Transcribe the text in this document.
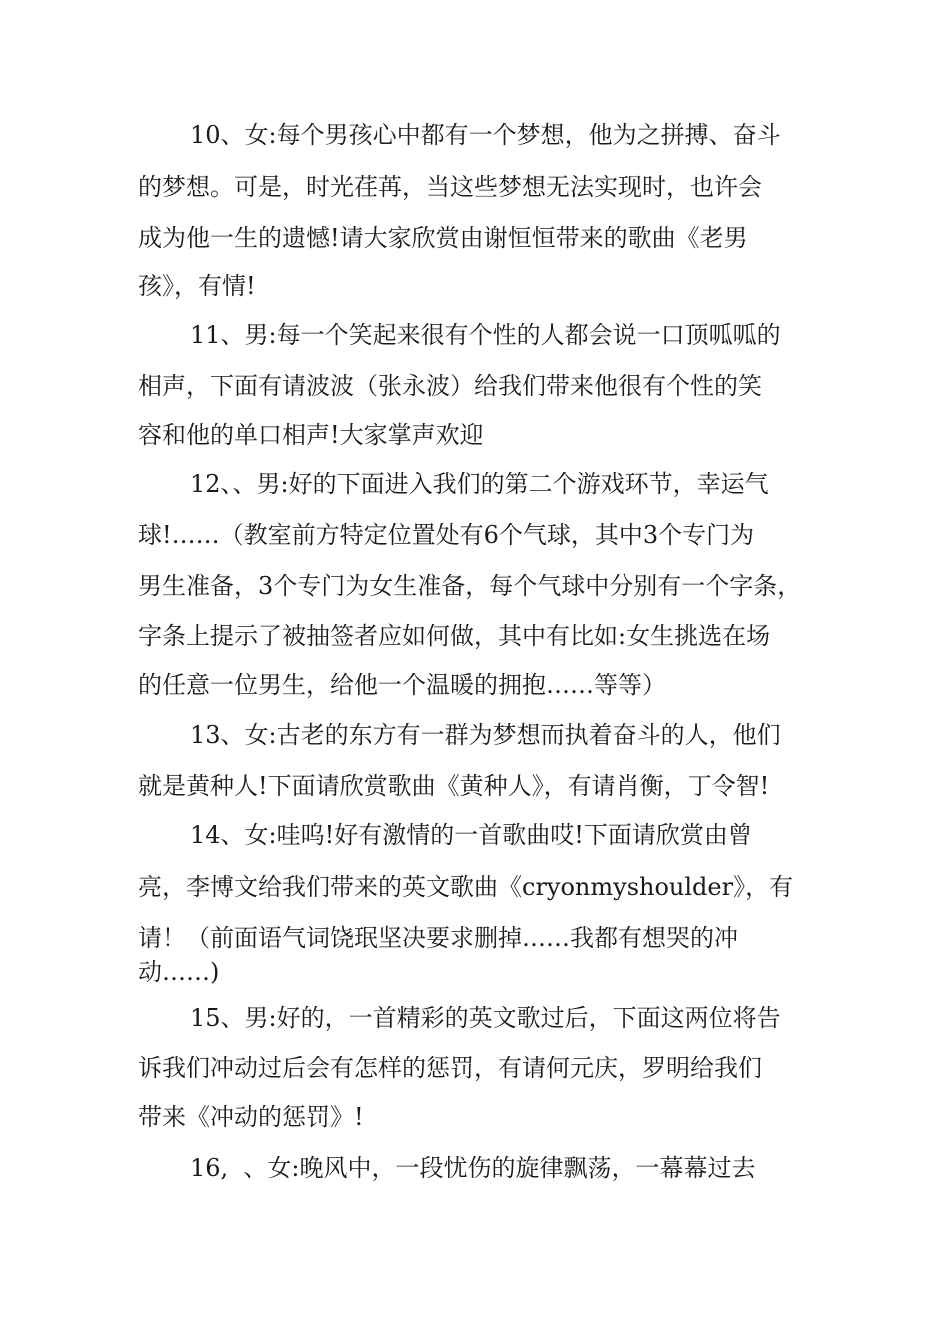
10、女:每个男孩心中都有一个梦想，他为之拼搏、奋斗

的梦想。可是，时光荏苒，当这些梦想无法实现时，也许会

成为他一生的遗憾!请大家欣赏由谢恒恒带来的歌曲《老男

孩》，有情!

11、男:每一个笑起来很有个性的人都会说一口顶呱呱的

相声，下面有请波波（张永波）给我们带来他很有个性的笑

容和他的单口相声!大家掌声欢迎

12、、男:好的下面进入我们的第二个游戏环节，幸运气

球!……（教室前方特定位置处有6个气球，其中3个专门为

男生准备，3个专门为女生准备，每个气球中分别有一个字条，

字条上提示了被抽签者应如何做，其中有比如:女生挑选在场

的任意一位男生，给他一个温暖的拥抱……等等）

13、女:古老的东方有一群为梦想而执着奋斗的人，他们

就是黄种人!下面请欣赏歌曲《黄种人》，有请肖衡，丁令智!

14、女:哇呜!好有激情的一首歌曲哎!下面请欣赏由曾

亮，李博文给我们带来的英文歌曲《cryonmyshoulder》，有

请！（前面语气词饶珉坚决要求删掉……我都有想哭的冲

动……)

15、男:好的，一首精彩的英文歌过后，下面这两位将告

诉我们冲动过后会有怎样的惩罚，有请何元庆，罗明给我们

带来《冲动的惩罚》!

16,  、女:晚风中，一段忧伤的旋律飘荡，一幕幕过去
